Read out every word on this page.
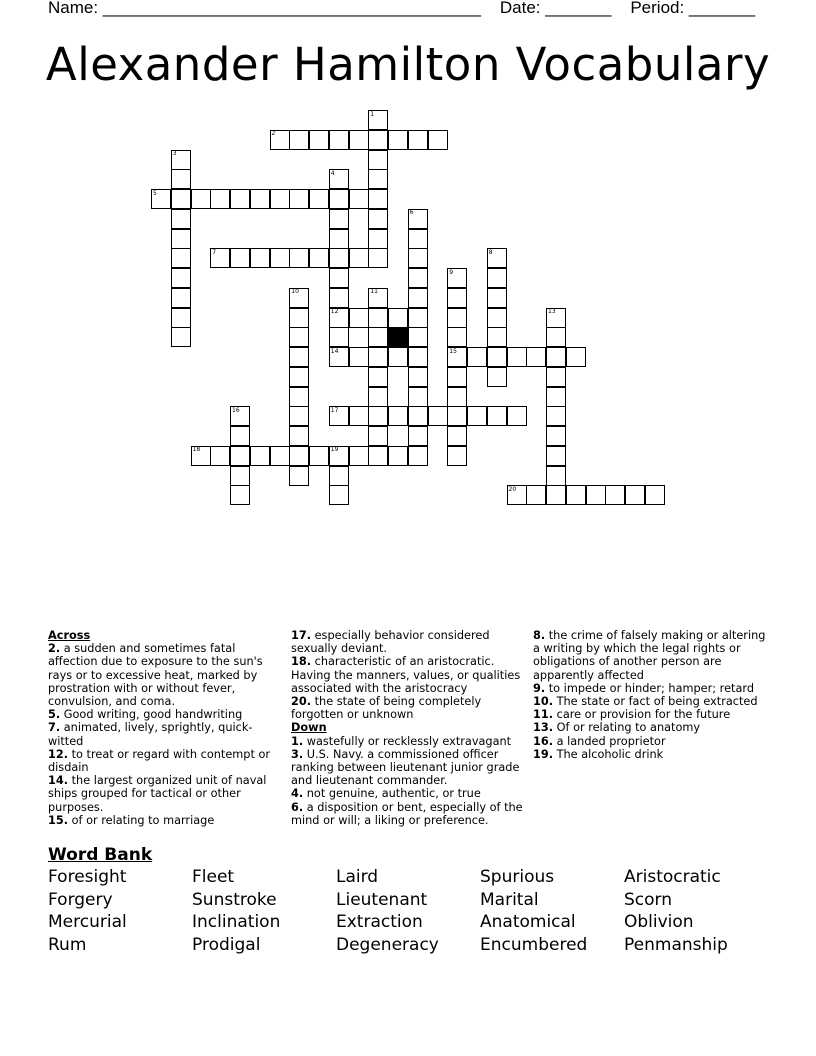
Name: ________________________________________ Date: _______ Period: _______
Alexander Hamilton Vocabulary
1
2
3
4
5
6
7	8
9
10	11
12	13
14	15
16	17
18	19
20
Across
2. a sudden and sometimes fatal affection due to exposure to the sun's rays or to excessive heat, marked by prostration with or without fever, convulsion, and coma.
5. Good writing, good handwriting
7. animated, lively, sprightly, quick-witted
12. to treat or regard with contempt or disdain
14. the largest organized unit of naval ships grouped for tactical or other purposes.
15. of or relating to marriage
17. especially behavior considered sexually deviant.
18. characteristic of an aristocratic. Having the manners, values, or qualities associated with the aristocracy
20. the state of being completely forgotten or unknown
Down
1. wastefully or recklessly extravagant
3. U.S. Navy. a commissioned officer ranking between lieutenant junior grade and lieutenant commander.
4. not genuine, authentic, or true
6. a disposition or bent, especially of the mind or will; a liking or preference.
8. the crime of falsely making or altering a writing by which the legal rights or obligations of another person are apparently affected
9. to impede or hinder; hamper; retard
10. The state or fact of being extracted
11. care or provision for the future
13. Of or relating to anatomy
16. a landed proprietor
19. The alcoholic drink
Word Bank
Foresight	Fleet	Laird	Spurious	Aristocratic
Forgery	Sunstroke	Lieutenant	Marital	Scorn
Mercurial	Inclination	Extraction	Anatomical	Oblivion
Rum	Prodigal	Degeneracy	Encumbered	Penmanship
